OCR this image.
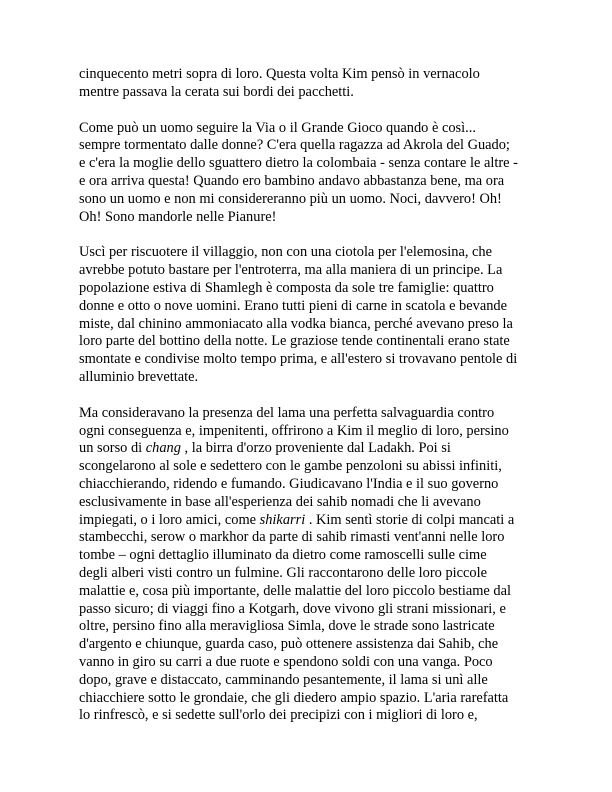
cinquecento metri sopra di loro. Questa volta Kim pensò in vernacolo
mentre passava la cerata sui bordi dei pacchetti.

Come può un uomo seguire la Via o il Grande Gioco quando è così...
sempre tormentato dalle donne? C'era quella ragazza ad Akrola del Guado;
e c'era la moglie dello sguattero dietro la colombaia - senza contare le altre -
e ora arriva questa! Quando ero bambino andavo abbastanza bene, ma ora
sono un uomo e non mi considereranno più un uomo. Noci, davvero! Oh!
Oh! Sono mandorle nelle Pianure!

Uscì per riscuotere il villaggio, non con una ciotola per l'elemosina, che
avrebbe potuto bastare per l'entroterra, ma alla maniera di un principe. La
popolazione estiva di Shamlegh è composta da sole tre famiglie: quattro
donne e otto o nove uomini. Erano tutti pieni di carne in scatola e bevande
miste, dal chinino ammoniacato alla vodka bianca, perché avevano preso la
loro parte del bottino della notte. Le graziose tende continentali erano state
smontate e condivise molto tempo prima, e all'estero si trovavano pentole di
alluminio brevettate.

Ma consideravano la presenza del lama una perfetta salvaguardia contro
ogni conseguenza e, impenitenti, offrirono a Kim il meglio di loro, persino
un sorso di chang , la birra d'orzo proveniente dal Ladakh. Poi si
scongelarono al sole e sedettero con le gambe penzoloni su abissi infiniti,
chiacchierando, ridendo e fumando. Giudicavano l'India e il suo governo
esclusivamente in base all'esperienza dei sahib nomadi che li avevano
impiegati, o i loro amici, come shikarri . Kim sentì storie di colpi mancati a
stambecchi, serow o markhor da parte di sahib rimasti vent'anni nelle loro
tombe – ogni dettaglio illuminato da dietro come ramoscelli sulle cime
degli alberi visti contro un fulmine. Gli raccontarono delle loro piccole
malattie e, cosa più importante, delle malattie del loro piccolo bestiame dal
passo sicuro; di viaggi fino a Kotgarh, dove vivono gli strani missionari, e
oltre, persino fino alla meravigliosa Simla, dove le strade sono lastricate
d'argento e chiunque, guarda caso, può ottenere assistenza dai Sahib, che
vanno in giro su carri a due ruote e spendono soldi con una vanga. Poco
dopo, grave e distaccato, camminando pesantemente, il lama si unì alle
chiacchiere sotto le grondaie, che gli diedero ampio spazio. L'aria rarefatta
lo rinfrescò, e si sedette sull'orlo dei precipizi con i migliori di loro e,
